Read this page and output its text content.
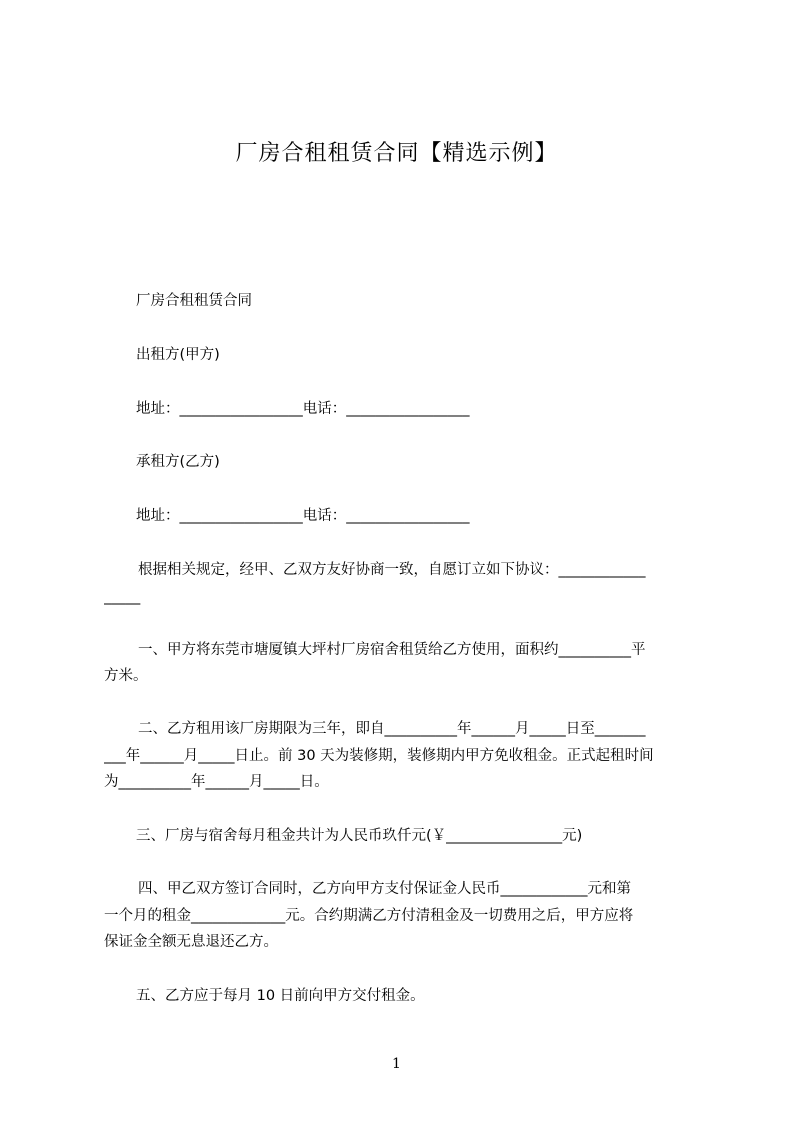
厂房合租租赁合同【精选示例】
厂房合租租赁合同
出租方(甲方)
地址：_________________电话：_________________
承租方(乙方)
地址：_________________电话：_________________
根据相关规定，经甲、乙双方友好协商一致，自愿订立如下协议：____________
_____
一、甲方将东莞市塘厦镇大坪村厂房宿舍租赁给乙方使用，面积约__________平
方米。
二、乙方租用该厂房期限为三年，即自__________年______月_____日至_______
___年______月_____日止。前 30 天为装修期，装修期内甲方免收租金。正式起租时间
为__________年______月_____日。
三、厂房与宿舍每月租金共计为人民币玖仟元(￥________________元)
四、甲乙双方签订合同时，乙方向甲方支付保证金人民币____________元和第
一个月的租金_____________元。合约期满乙方付清租金及一切费用之后，甲方应将
保证金全额无息退还乙方。
五、乙方应于每月 10 日前向甲方交付租金。
1
